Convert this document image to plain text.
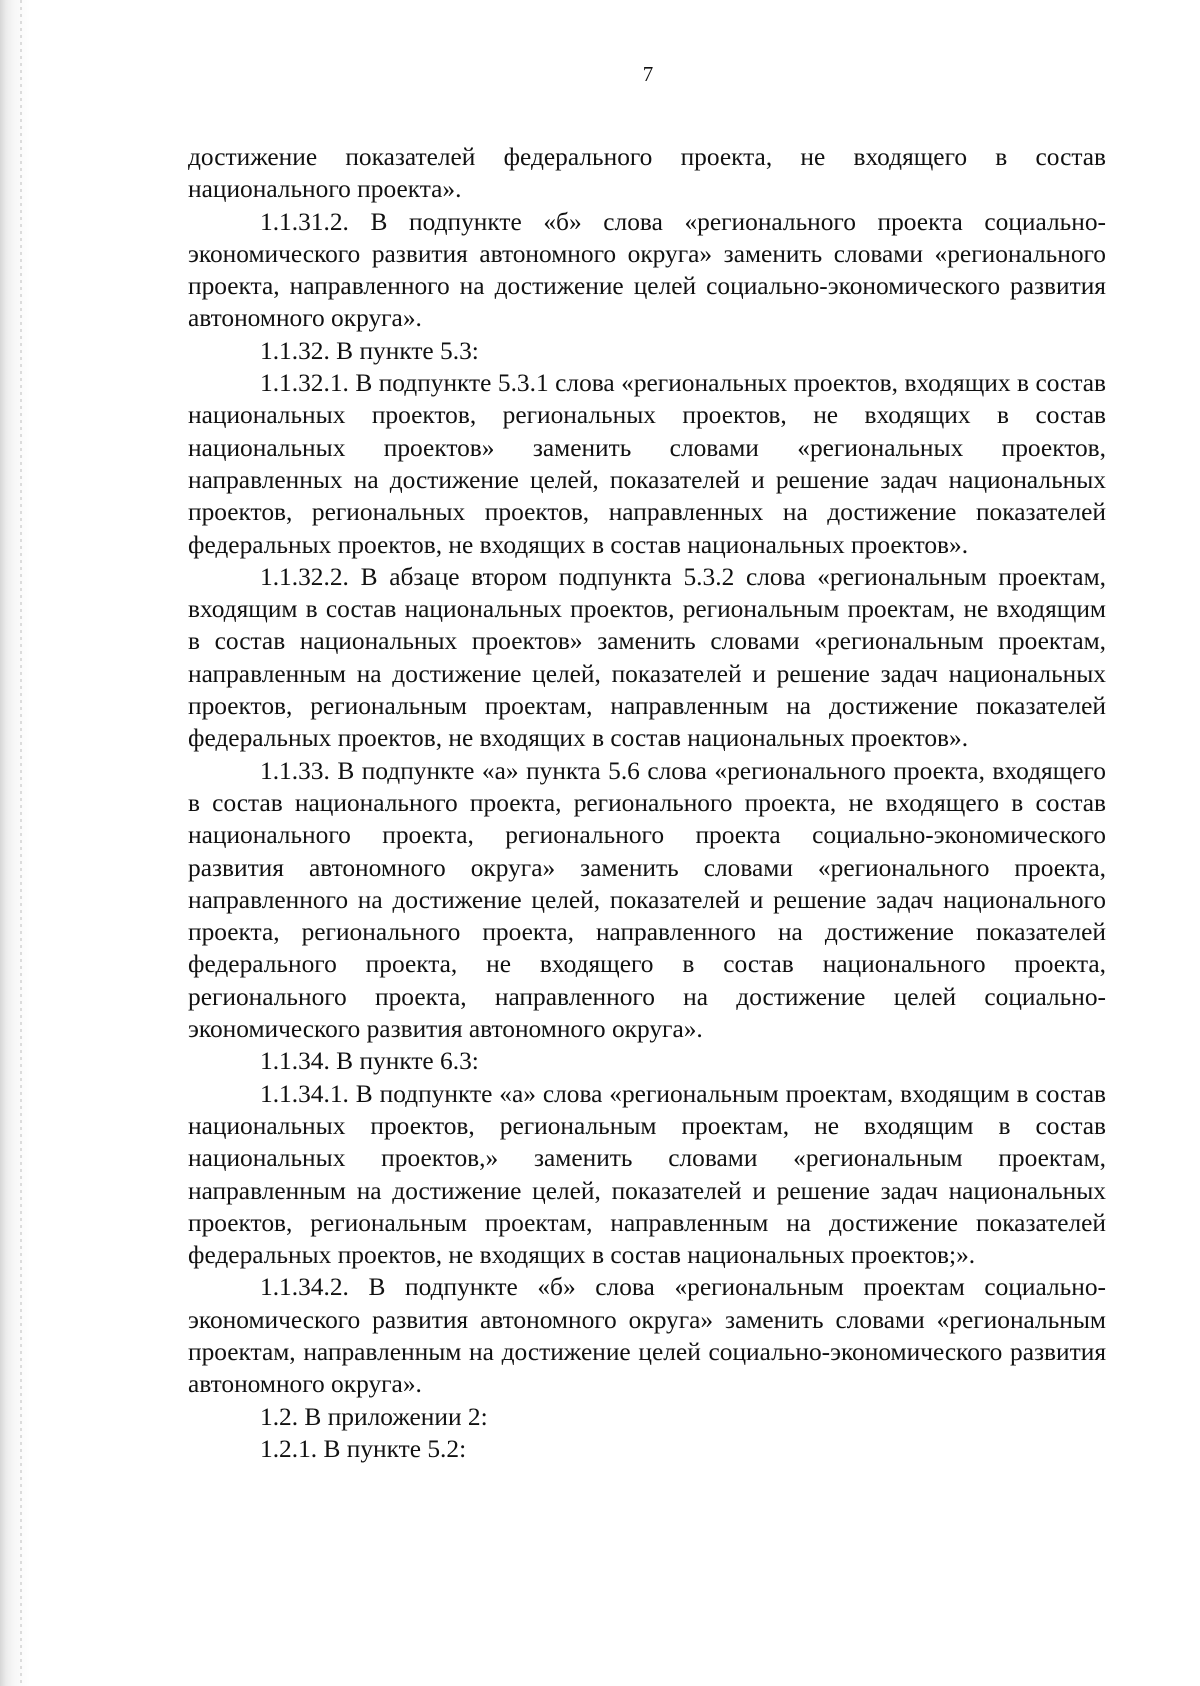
7

достижение показателей федерального проекта, не входящего в состав национального проекта».

1.1.31.2. В подпункте «б» слова «регионального проекта социально-экономического развития автономного округа» заменить словами «регионального проекта, направленного на достижение целей социально-экономического развития автономного округа».

1.1.32. В пункте 5.3:

1.1.32.1. В подпункте 5.3.1 слова «региональных проектов, входящих в состав национальных проектов, региональных проектов, не входящих в состав национальных проектов» заменить словами «региональных проектов, направленных на достижение целей, показателей и решение задач национальных проектов, региональных проектов, направленных на достижение показателей федеральных проектов, не входящих в состав национальных проектов».

1.1.32.2. В абзаце втором подпункта 5.3.2 слова «региональным проектам, входящим в состав национальных проектов, региональным проектам, не входящим в состав национальных проектов» заменить словами «региональным проектам, направленным на достижение целей, показателей и решение задач национальных проектов, региональным проектам, направленным на достижение показателей федеральных проектов, не входящих в состав национальных проектов».

1.1.33. В подпункте «а» пункта 5.6 слова «регионального проекта, входящего в состав национального проекта, регионального проекта, не входящего в состав национального проекта, регионального проекта социально-экономического развития автономного округа» заменить словами «регионального проекта, направленного на достижение целей, показателей и решение задач национального проекта, регионального проекта, направленного на достижение показателей федерального проекта, не входящего в состав национального проекта, регионального проекта, направленного на достижение целей социально-экономического развития автономного округа».

1.1.34. В пункте 6.3:

1.1.34.1. В подпункте «а» слова «региональным проектам, входящим в состав национальных проектов, региональным проектам, не входящим в состав национальных проектов,» заменить словами «региональным проектам, направленным на достижение целей, показателей и решение задач национальных проектов, региональным проектам, направленным на достижение показателей федеральных проектов, не входящих в состав национальных проектов;».

1.1.34.2. В подпункте «б» слова «региональным проектам социально-экономического развития автономного округа» заменить словами «региональным проектам, направленным на достижение целей социально-экономического развития автономного округа».

1.2. В приложении 2:

1.2.1. В пункте 5.2:
